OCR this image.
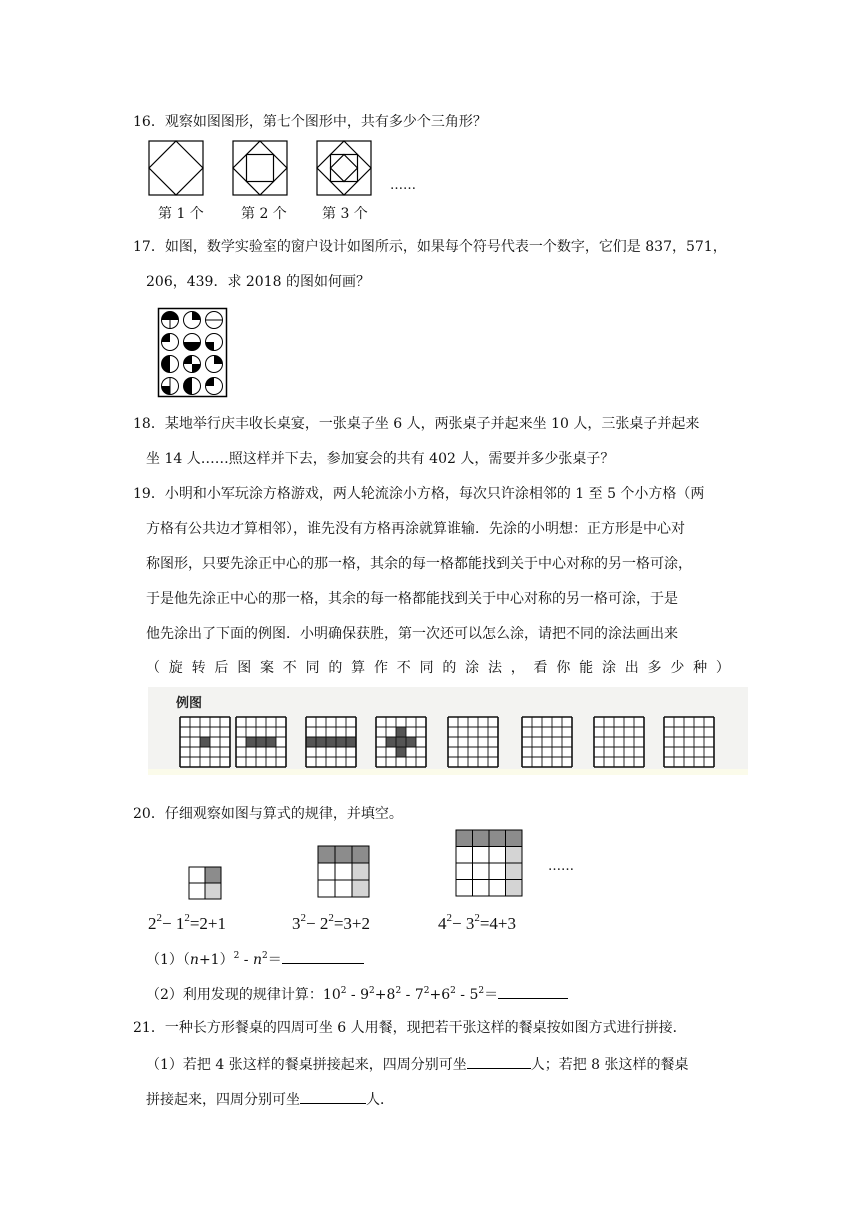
16．观察如图图形，第七个图形中，共有多少个三角形？
……
第 1 个	第 2 个	第 3 个
17．如图，数学实验室的窗户设计如图所示，如果每个符号代表一个数字，它们是 837，571，
206，439．求 2018 的图如何画？
18．某地举行庆丰收长桌宴，一张桌子坐 6 人，两张桌子并起来坐 10 人，三张桌子并起来
坐 14 人……照这样并下去，参加宴会的共有 402 人，需要并多少张桌子？
19．小明和小军玩涂方格游戏，两人轮流涂小方格，每次只许涂相邻的 1 至 5 个小方格（两
方格有公共边才算相邻），谁先没有方格再涂就算谁输．先涂的小明想：正方形是中心对
称图形，只要先涂正中心的那一格，其余的每一格都能找到关于中心对称的另一格可涂，
于是他先涂正中心的那一格，其余的每一格都能找到关于中心对称的另一格可涂，于是
他先涂出了下面的例图．小明确保获胜，第一次还可以怎么涂，请把不同的涂法画出来
（ 旋 转 后 图 案 不 同 的 算 作 不 同 的 涂 法 ， 看 你 能 涂 出 多 少 种 ）
例图
20．仔细观察如图与算式的规律，并填空。
……
$2^2- 1^2=2+1$	$3^2- 2^2=3+2$	$4^2- 3^2=4+3$
$(1)(n+1)^2 - n^2=$
（2）利用发现的规律计算：$10^2 - 9^2+8^2 - 7^2+6^2 - 5^2=$
21．一种长方形餐桌的四周可坐 6 人用餐，现把若干张这样的餐桌按如图方式进行拼接．
（1）若把 4 张这样的餐桌拼接起来，四周分别可坐	人；若把 8 张这样的餐桌
拼接起来，四周分别可坐	人．
